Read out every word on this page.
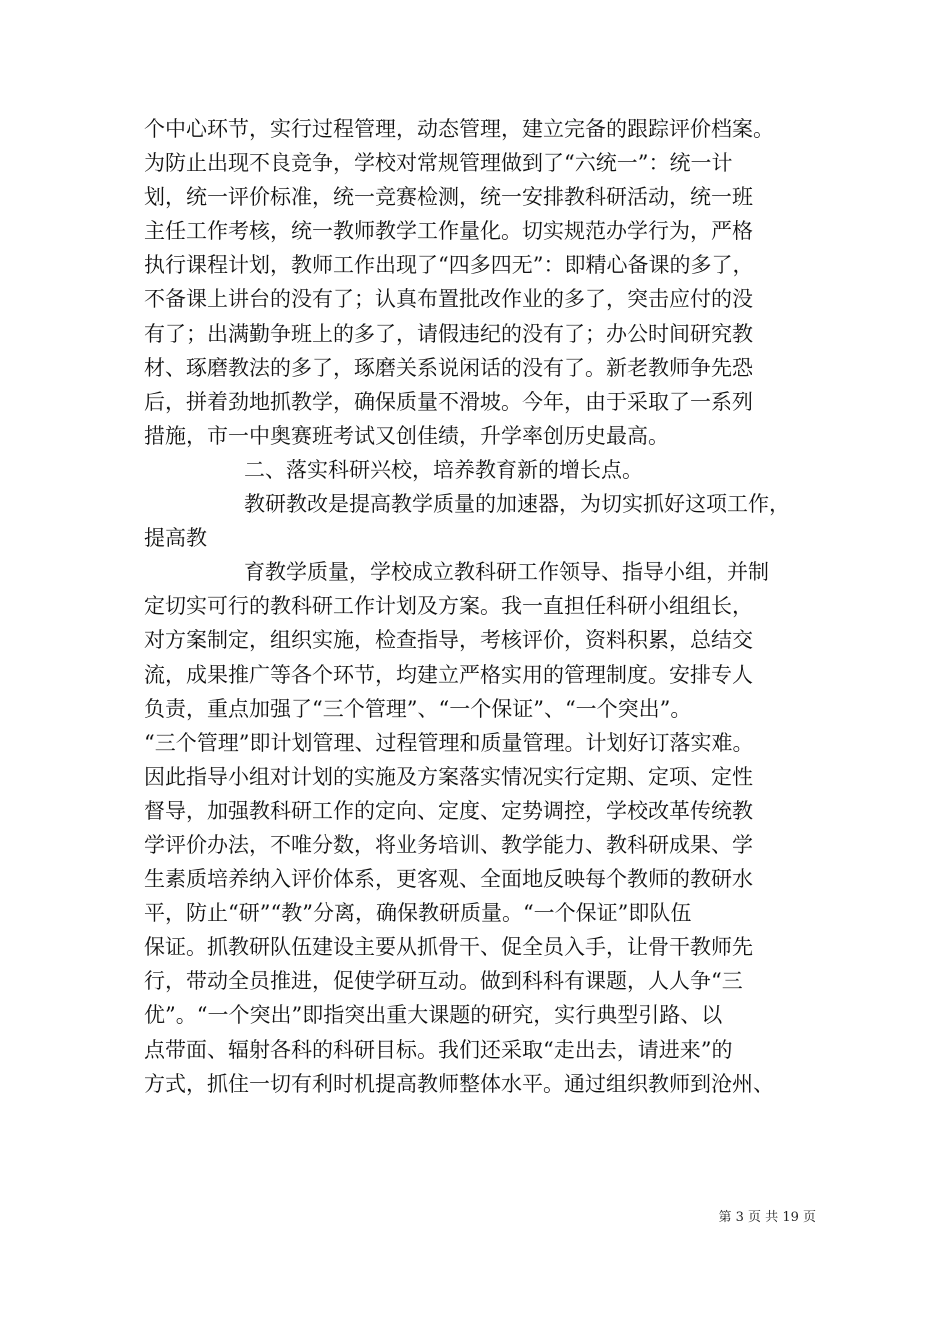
个中心环节，实行过程管理，动态管理，建立完备的跟踪评价档案。
为防止出现不良竞争，学校对常规管理做到了“六统一”：统一计
划，统一评价标准，统一竞赛检测，统一安排教科研活动，统一班
主任工作考核，统一教师教学工作量化。切实规范办学行为，严格
执行课程计划，教师工作出现了“四多四无”：即精心备课的多了，
不备课上讲台的没有了；认真布置批改作业的多了，突击应付的没
有了；出满勤争班上的多了，请假违纪的没有了；办公时间研究教
材、琢磨教法的多了，琢磨关系说闲话的没有了。新老教师争先恐
后，拼着劲地抓教学，确保质量不滑坡。今年，由于采取了一系列
措施，市一中奥赛班考试又创佳绩，升学率创历史最高。
二、落实科研兴校，培养教育新的增长点。
教研教改是提高教学质量的加速器，为切实抓好这项工作，
提高教
育教学质量，学校成立教科研工作领导、指导小组，并制
定切实可行的教科研工作计划及方案。我一直担任科研小组组长，
对方案制定，组织实施，检查指导，考核评价，资料积累，总结交
流，成果推广等各个环节，均建立严格实用的管理制度。安排专人
负责，重点加强了“三个管理”、“一个保证”、“一个突出”。
“三个管理”即计划管理、过程管理和质量管理。计划好订落实难。
因此指导小组对计划的实施及方案落实情况实行定期、定项、定性
督导，加强教科研工作的定向、定度、定势调控，学校改革传统教
学评价办法，不唯分数，将业务培训、教学能力、教科研成果、学
生素质培养纳入评价体系，更客观、全面地反映每个教师的教研水
平，防止“研”“教”分离，确保教研质量。“一个保证”即队伍
保证。抓教研队伍建设主要从抓骨干、促全员入手，让骨干教师先
行，带动全员推进，促使学研互动。做到科科有课题，人人争“三
优”。“一个突出”即指突出重大课题的研究，实行典型引路、以
点带面、辐射各科的科研目标。我们还采取“走出去，请进来”的
方式，抓住一切有利时机提高教师整体水平。通过组织教师到沧州、
第 3 页 共 19 页
